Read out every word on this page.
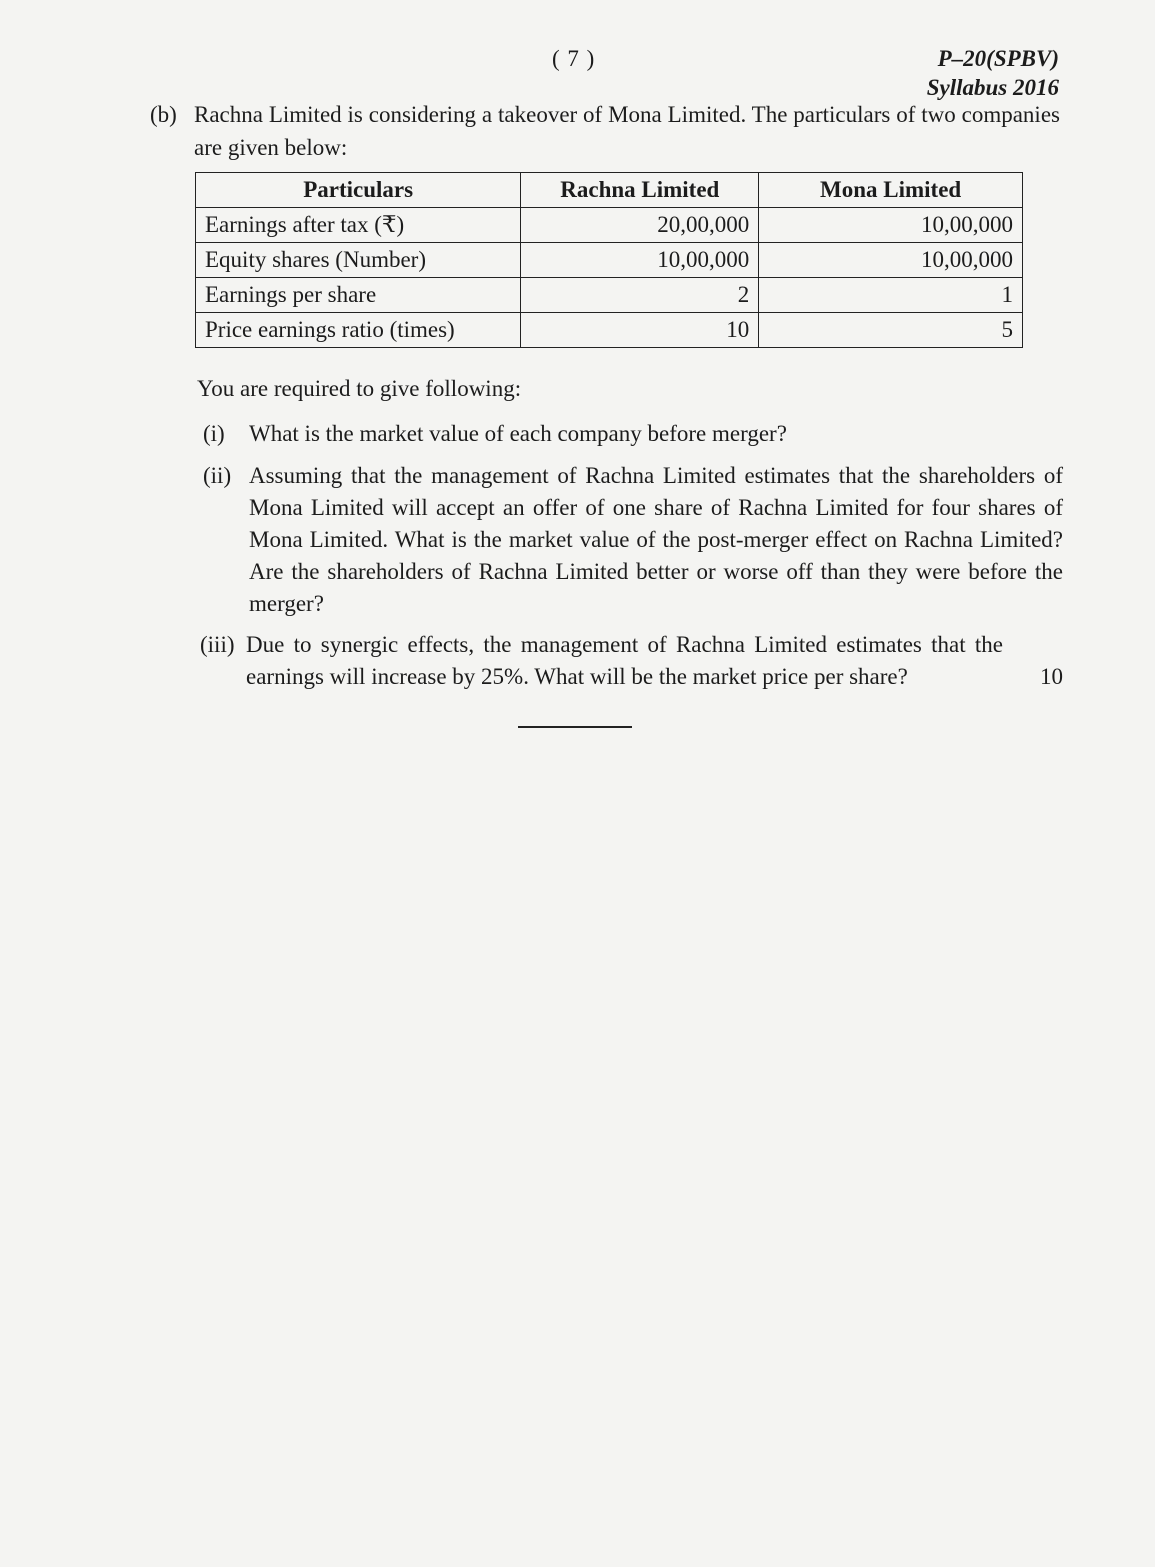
( 7 )	P–20(SPBV)
Syllabus 2016
(b) Rachna Limited is considering a takeover of Mona Limited. The particulars of two companies are given below:
Particulars	Rachna Limited	Mona Limited
Earnings after tax (₹)	20,00,000	10,00,000
Equity shares (Number)	10,00,000	10,00,000
Earnings per share	2	1
Price earnings ratio (times)	10	5
You are required to give following:
(i) What is the market value of each company before merger?
(ii) Assuming that the management of Rachna Limited estimates that the shareholders of Mona Limited will accept an offer of one share of Rachna Limited for four shares of Mona Limited. What is the market value of the post-merger effect on Rachna Limited? Are the shareholders of Rachna Limited better or worse off than they were before the merger?
(iii) Due to synergic effects, the management of Rachna Limited estimates that the earnings will increase by 25%. What will be the market price per share?	10
